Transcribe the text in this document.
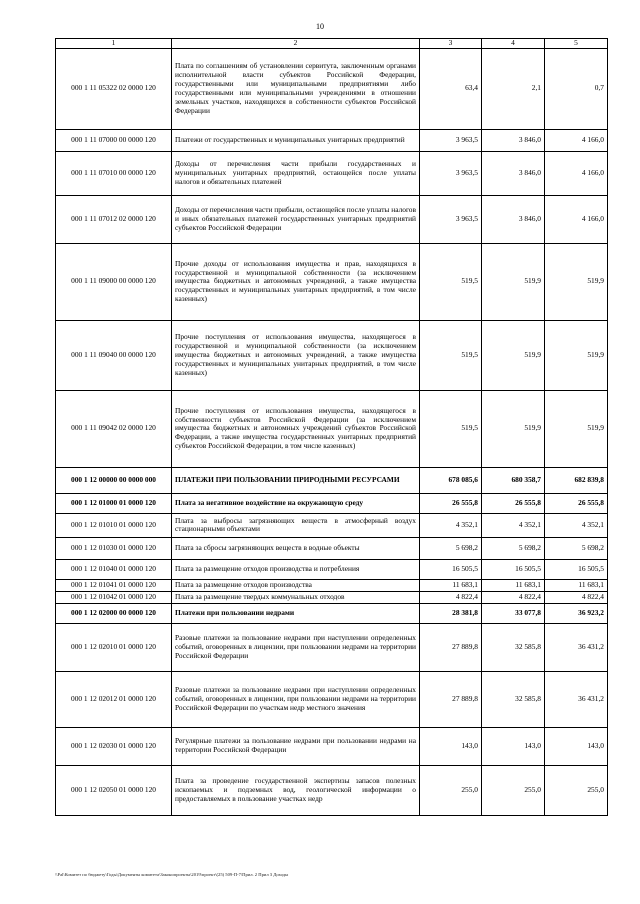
10
1	2	3	4	5
000 1 11 05322 02 0000 120	Плата по соглашениям об установлении сервитута, заключенным органами исполнительной власти субъектов Российской Федерации, государственными или муниципальными предприятиями либо государственными или муниципальными учреждениями в отношении земельных участков, находящихся в собственности субъектов Российской Федерации	63,4	2,1	0,7
000 1 11 07000 00 0000 120	Платежи от государственных и муниципальных унитарных предприятий	3 963,5	3 846,0	4 166,0
000 1 11 07010 00 0000 120	Доходы от перечисления части прибыли государственных и муниципальных унитарных предприятий, остающейся после уплаты налогов и обязательных платежей	3 963,5	3 846,0	4 166,0
000 1 11 07012 02 0000 120	Доходы от перечисления части прибыли, остающейся после уплаты налогов и иных обязательных платежей государственных унитарных предприятий субъектов Российской Федерации	3 963,5	3 846,0	4 166,0
000 1 11 09000 00 0000 120	Прочие доходы от использования имущества и прав, находящихся в государственной и муниципальной собственности (за исключением имущества бюджетных и автономных учреждений, а также имущества государственных и муниципальных унитарных предприятий, в том числе казенных)	519,5	519,9	519,9
000 1 11 09040 00 0000 120	Прочие поступления от использования имущества, находящегося в государственной и муниципальной собственности (за исключением имущества бюджетных и автономных учреждений, а также имущества государственных и муниципальных унитарных предприятий, в том числе казенных)	519,5	519,9	519,9
000 1 11 09042 02 0000 120	Прочие поступления от использования имущества, находящегося в собственности субъектов Российской Федерации (за исключением имущества бюджетных и автономных учреждений субъектов Российской Федерации, а также имущества государственных унитарных предприятий субъектов Российской Федерации, в том числе казенных)	519,5	519,9	519,9
000 1 12 00000 00 0000 000	ПЛАТЕЖИ ПРИ ПОЛЬЗОВАНИИ ПРИРОДНЫМИ РЕСУРСАМИ	678 085,6	680 358,7	682 839,8
000 1 12 01000 01 0000 120	Плата за негативное воздействие на окружающую среду	26 555,8	26 555,8	26 555,8
000 1 12 01010 01 0000 120	Плата за выбросы загрязняющих веществ в атмосферный воздух стационарными объектами	4 352,1	4 352,1	4 352,1
000 1 12 01030 01 0000 120	Плата за сбросы загрязняющих веществ в водные объекты	5 698,2	5 698,2	5 698,2
000 1 12 01040 01 0000 120	Плата за размещение отходов производства и потребления	16 505,5	16 505,5	16 505,5
000 1 12 01041 01 0000 120	Плата за размещение отходов производства	11 683,1	11 683,1	11 683,1
000 1 12 01042 01 0000 120	Плата за размещение твердых коммунальных отходов	4 822,4	4 822,4	4 822,4
000 1 12 02000 00 0000 120	Платежи при пользовании недрами	28 381,8	33 077,8	36 923,2
000 1 12 02010 01 0000 120	Разовые платежи за пользование недрами при наступлении определенных событий, оговоренных в лицензии, при пользовании недрами на территории Российской Федерации	27 889,8	32 585,8	36 431,2
000 1 12 02012 01 0000 120	Разовые платежи за пользование недрами при наступлении определенных событий, оговоренных в лицензии, при пользовании недрами на территории Российской Федерации по участкам недр местного значения	27 889,8	32 585,8	36 431,2
000 1 12 02030 01 0000 120	Регулярные платежи за пользование недрами при пользовании недрами на территории Российской Федерации	143,0	143,0	143,0
000 1 12 02050 01 0000 120	Плата за проведение государственной экспертизы запасов полезных ископаемых и подземных вод, геологической информации о предоставляемых в пользование участках недр	255,0	255,0	255,0
\\Pal\Комитет по бюджету\Годы\Документы комитета\Законопроекты\2019\проект\(25) 509-П-7\Прил. 2 Прил 3 Доходы
